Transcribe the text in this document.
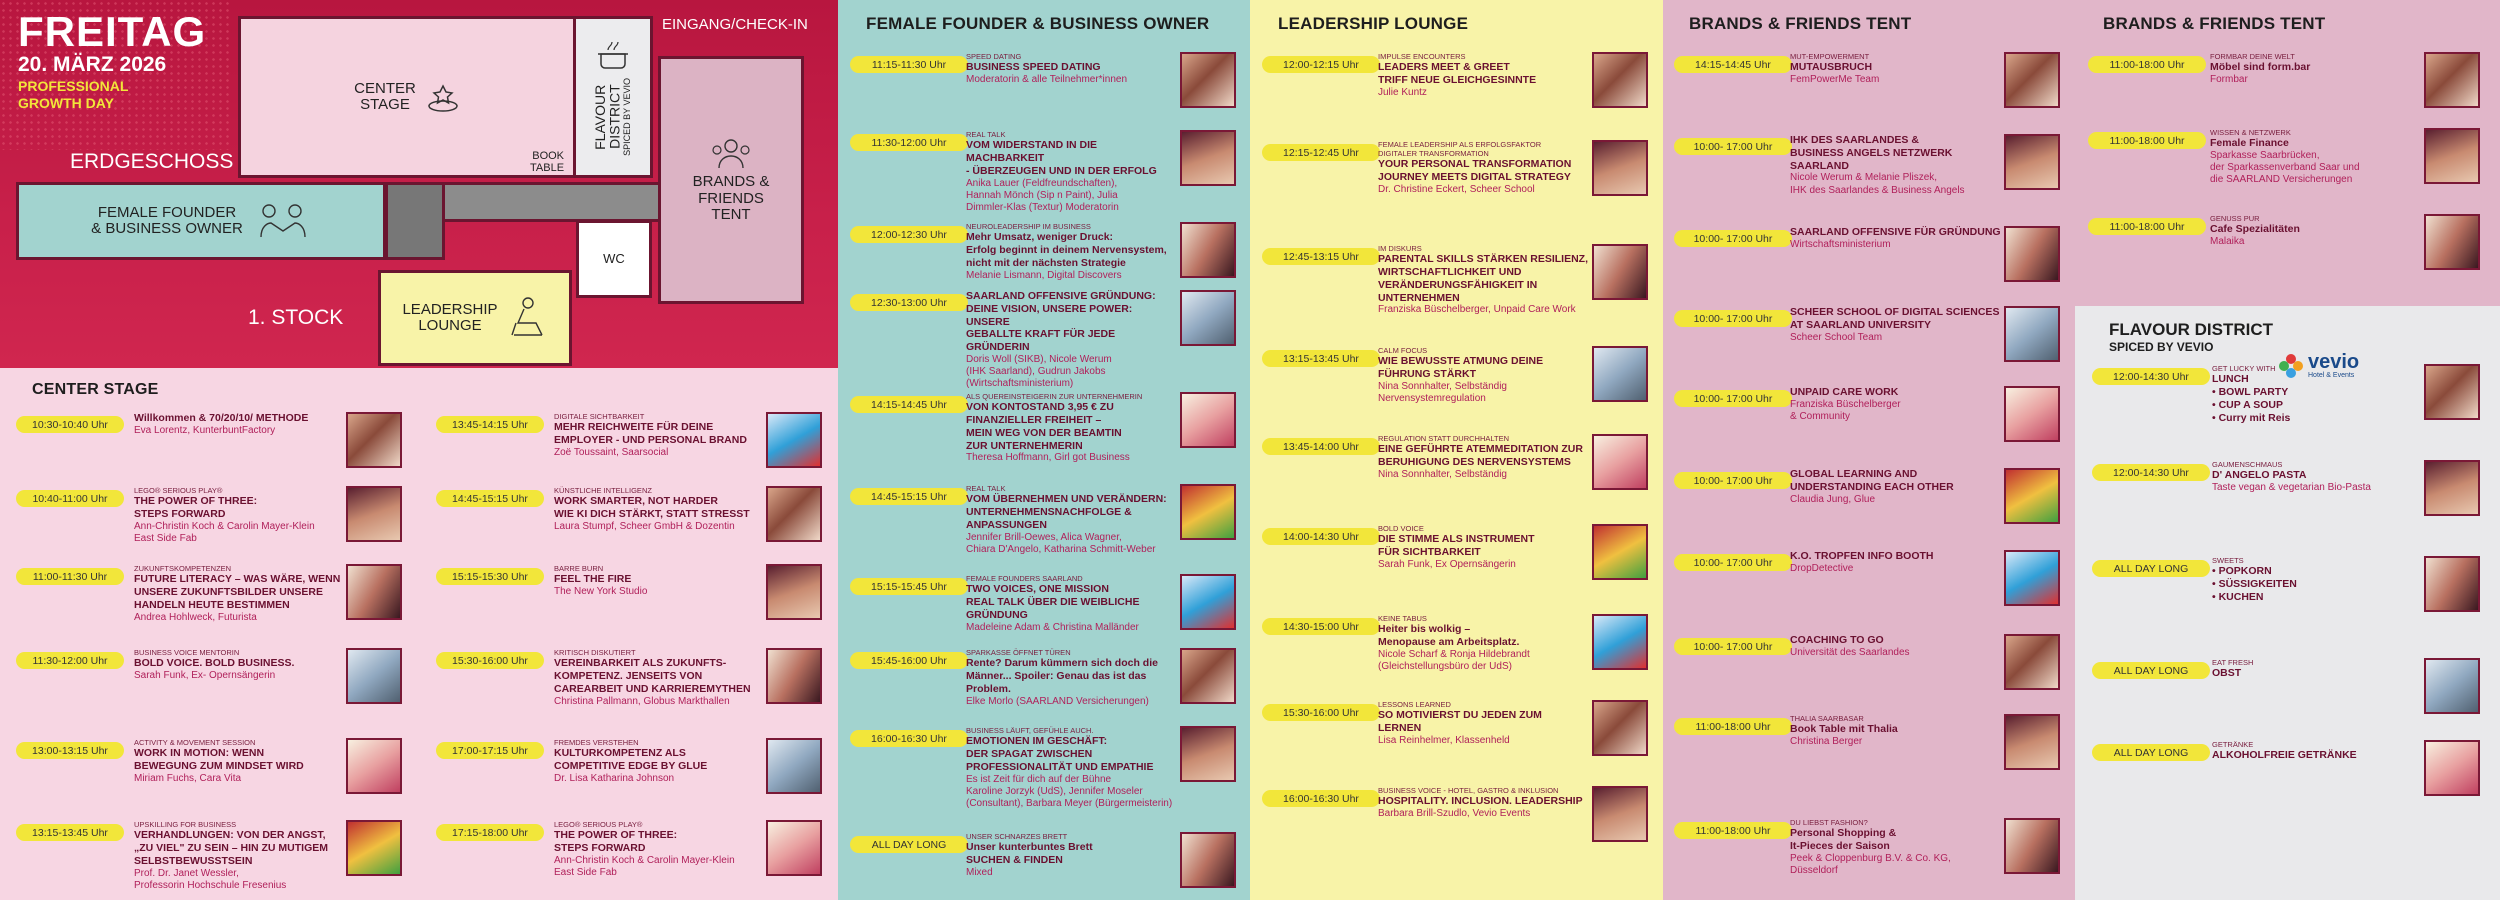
FREITAG
20. MÄRZ 2026
PROFESSIONAL
GROWTH DAY
ERDGESCHOSS
1. STOCK
EINGANG/CHECK-IN
CENTER
STAGE
BOOK
TABLE
FLAVOUR
DISTRICT
SPICED BY VEVIO
FEMALE FOUNDER
& BUSINESS OWNER
WC
BRANDS &
FRIENDS
TENT
LEADERSHIP
LOUNGE
CENTER STAGE
10:30-10:40 Uhr
Willkommen & 70/20/10/ METHODE
Eva Lorentz, KunterbuntFactory
10:40-11:00 Uhr
LEGO® SERIOUS PLAY®
THE POWER OF THREE:
STEPS FORWARD
Ann-Christin Koch & Carolin Mayer-Klein
East Side Fab
11:00-11:30 Uhr
ZUKUNFTSKOMPETENZEN
FUTURE LITERACY – WAS WÄRE, WENN
UNSERE ZUKUNFTSBILDER UNSERE
HANDELN HEUTE BESTIMMEN
Andrea Hohlweck, Futurista
11:30-12:00 Uhr
BUSINESS VOICE MENTORIN
BOLD VOICE. BOLD BUSINESS.
Sarah Funk, Ex- Opernsängerin
13:00-13:15 Uhr
ACTIVITY & MOVEMENT SESSION
WORK IN MOTION: WENN
BEWEGUNG ZUM MINDSET WIRD
Miriam Fuchs, Cara Vita
13:15-13:45 Uhr
UPSKILLING FOR BUSINESS
VERHANDLUNGEN: VON DER ANGST,
„ZU VIEL" ZU SEIN – HIN ZU MUTIGEM
SELBSTBEWUSSTSEIN
Prof. Dr. Janet Wessler,
Professorin Hochschule Fresenius
13:45-14:15 Uhr
DIGITALE SICHTBARKEIT
MEHR REICHWEITE FÜR DEINE
EMPLOYER - UND PERSONAL BRAND
Zoë Toussaint, Saarsocial
14:45-15:15 Uhr
KÜNSTLICHE INTELLIGENZ
WORK SMARTER, NOT HARDER
WIE KI DICH STÄRKT, STATT STRESST
Laura Stumpf, Scheer GmbH & Dozentin
15:15-15:30 Uhr
BARRE BURN
FEEL THE FIRE
The New York Studio
15:30-16:00 Uhr
KRITISCH DISKUTIERT
VEREINBARKEIT ALS ZUKUNFTS-
KOMPETENZ. JENSEITS VON
CAREARBEIT UND KARRIEREMYTHEN
Christina Pallmann, Globus Markthallen
17:00-17:15 Uhr
FREMDES VERSTEHEN
KULTURKOMPETENZ ALS
COMPETITIVE EDGE BY GLUE
Dr. Lisa Katharina Johnson
17:15-18:00 Uhr
LEGO® SERIOUS PLAY®
THE POWER OF THREE:
STEPS FORWARD
Ann-Christin Koch & Carolin Mayer-Klein
East Side Fab
FEMALE FOUNDER & BUSINESS OWNER
11:15-11:30 Uhr
SPEED DATING
BUSINESS SPEED DATING
Moderatorin & alle Teilnehmer*innen
11:30-12:00 Uhr
REAL TALK
VOM WIDERSTAND IN DIE MACHBARKEIT
- ÜBERZEUGEN UND IN DER ERFOLG
Anika Lauer (Feldfreundschaften),
Hannah Mönch (Sip n Paint), Julia
Dimmler-Klas (Textur) Moderatorin
12:00-12:30 Uhr
NEUROLEADERSHIP IM BUSINESS
Mehr Umsatz, weniger Druck:
Erfolg beginnt in deinem Nervensystem,
nicht mit der nächsten Strategie
Melanie Lismann, Digital Discovers
12:30-13:00 Uhr
SAARLAND OFFENSIVE GRÜNDUNG:
DEINE VISION, UNSERE POWER: UNSERE
GEBALLTE KRAFT FÜR JEDE GRÜNDERIN
Doris Woll (SIKB), Nicole Werum
(IHK Saarland), Gudrun Jakobs
(Wirtschaftsministerium)
14:15-14:45 Uhr
ALS QUEREINSTEIGERIN ZUR UNTERNEHMERIN
VON KONTOSTAND 3,95 € ZU
FINANZIELLER FREIHEIT –
MEIN WEG VON DER BEAMTIN
ZUR UNTERNEHMERIN
Theresa Hoffmann, Girl got Business
14:45-15:15 Uhr
REAL TALK
VOM ÜBERNEHMEN UND VERÄNDERN:
UNTERNEHMENSNACHFOLGE &
ANPASSUNGEN
Jennifer Brill-Oewes, Alica Wagner,
Chiara D'Angelo, Katharina Schmitt-Weber
15:15-15:45 Uhr
FEMALE FOUNDERS SAARLAND
TWO VOICES, ONE MISSION
REAL TALK ÜBER DIE WEIBLICHE
GRÜNDUNG
Madeleine Adam & Christina Malländer
15:45-16:00 Uhr
SPARKASSE ÖFFNET TÜREN
Rente? Darum kümmern sich doch die
Männer... Spoiler: Genau das ist das
Problem.
Elke Morlo (SAARLAND Versicherungen)
16:00-16:30 Uhr
BUSINESS LÄUFT, GEFÜHLE AUCH.
EMOTIONEN IM GESCHÄFT:
DER SPAGAT ZWISCHEN
PROFESSIONALITÄT UND EMPATHIE
Es ist Zeit für dich auf der Bühne
Karoline Jorzyk (UdS), Jennifer Moseler
(Consultant), Barbara Meyer (Bürgermeisterin)
ALL DAY LONG
UNSER SCHNARZES BRETT
Unser kunterbuntes Brett
SUCHEN & FINDEN
Mixed
LEADERSHIP LOUNGE
12:00-12:15 Uhr
IMPULSE ENCOUNTERS
LEADERS MEET & GREET
TRIFF NEUE GLEICHGESINNTE
Julie Kuntz
12:15-12:45 Uhr
FEMALE LEADERSHIP ALS ERFOLGSFAKTOR
DIGITALER TRANSFORMATION
YOUR PERSONAL TRANSFORMATION
JOURNEY MEETS DIGITAL STRATEGY
Dr. Christine Eckert, Scheer School
12:45-13:15 Uhr
IM DISKURS
PARENTAL SKILLS STÄRKEN RESILIENZ,
WIRTSCHAFTLICHKEIT UND
VERÄNDERUNGSFÄHIGKEIT IN
UNTERNEHMEN
Franziska Büschelberger, Unpaid Care Work
13:15-13:45 Uhr
CALM FOCUS
WIE BEWUSSTE ATMUNG DEINE
FÜHRUNG STÄRKT
Nina Sonnhalter, Selbständig
Nervensystemregulation
13:45-14:00 Uhr
REGULATION STATT DURCHHALTEN
EINE GEFÜHRTE ATEMMEDITATION ZUR
BERUHIGUNG DES NERVENSYSTEMS
Nina Sonnhalter, Selbständig
14:00-14:30 Uhr
BOLD VOICE
DIE STIMME ALS INSTRUMENT
FÜR SICHTBARKEIT
Sarah Funk, Ex Opernsängerin
14:30-15:00 Uhr
KEINE TABUS
Heiter bis wolkig –
Menopause am Arbeitsplatz.
Nicole Scharf & Ronja Hildebrandt
(Gleichstellungsbüro der UdS)
15:30-16:00 Uhr
LESSONS LEARNED
SO MOTIVIERST DU JEDEN ZUM
LERNEN
Lisa Reinhelmer, Klassenheld
16:00-16:30 Uhr
BUSINESS VOICE - HOTEL, GASTRO & INKLUSION
HOSPITALITY. INCLUSION. LEADERSHIP
Barbara Brill-Szudlo, Vevio Events
BRANDS & FRIENDS TENT
14:15-14:45 Uhr
MUT-EMPOWERMENT
MUTAUSBRUCH
FemPowerMe Team
10:00- 17:00 Uhr
IHK DES SAARLANDES &
BUSINESS ANGELS NETZWERK
SAARLAND
Nicole Werum & Melanie Pliszek,
IHK des Saarlandes & Business Angels
10:00- 17:00 Uhr
SAARLAND OFFENSIVE FÜR GRÜNDUNG
Wirtschaftsministerium
10:00- 17:00 Uhr
SCHEER SCHOOL OF DIGITAL SCIENCES
AT SAARLAND UNIVERSITY
Scheer School Team
10:00- 17:00 Uhr
UNPAID CARE WORK
Franziska Büschelberger
& Community
10:00- 17:00 Uhr
GLOBAL LEARNING AND
UNDERSTANDING EACH OTHER
Claudia Jung, Glue
10:00- 17:00 Uhr
K.O. TROPFEN INFO BOOTH
DropDetective
10:00- 17:00 Uhr
COACHING TO GO
Universität des Saarlandes
11:00-18:00 Uhr
THALIA SAARBASAR
Book Table mit Thalia
Christina Berger
11:00-18:00 Uhr
DU LIEBST FASHION?
Personal Shopping &
It-Pieces der Saison
Peek & Cloppenburg B.V. & Co. KG,
Düsseldorf
BRANDS & FRIENDS TENT
11:00-18:00 Uhr
FORMBAR DEINE WELT
Möbel sind form.bar
Formbar
11:00-18:00 Uhr
WISSEN & NETZWERK
Female Finance
Sparkasse Saarbrücken,
der Sparkassenverband Saar und
die SAARLAND Versicherungen
11:00-18:00 Uhr
GENUSS PUR
Cafe Spezialitäten
Malaika
FLAVOUR DISTRICT
SPICED BY VEVIO
12:00-14:30 Uhr
GET LUCKY WITH
LUNCH
• BOWL PARTY
• CUP A SOUP
• Curry mit Reis
12:00-14:30 Uhr
GAUMENSCHMAUS
D' ANGELO PASTA
Taste vegan & vegetarian Bio-Pasta
ALL DAY LONG
SWEETS
• POPKORN
• SÜSSIGKEITEN
• KUCHEN
ALL DAY LONG
EAT FRESH
OBST
ALL DAY LONG
GETRÄNKE
ALKOHOLFREIE GETRÄNKE
vevio
Hotel & Events
